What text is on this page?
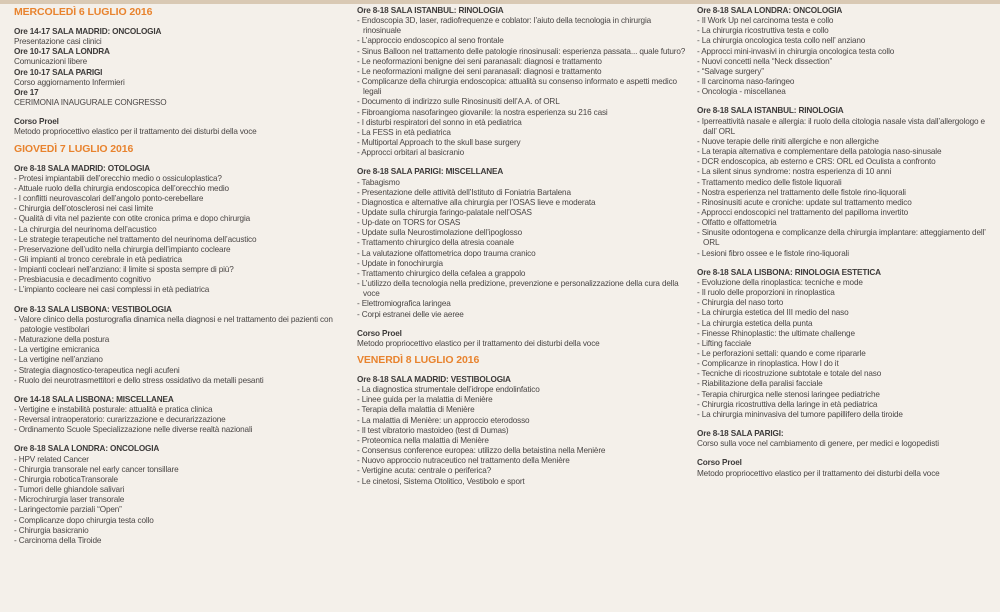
MERCOLEDÌ 6 LUGLIO 2016
Ore 14-17 SALA MADRID: ONCOLOGIA
Presentazione casi clinici
Ore 10-17 SALA LONDRA
Comunicazioni libere
Ore 10-17 SALA PARIGI
Corso aggiornamento Infermieri
Ore 17
CERIMONIA INAUGURALE CONGRESSO
Corso Proel
Metodo propriocettivo elastico per il trattamento dei disturbi della voce
GIOVEDÌ 7 LUGLIO 2016
Ore 8-18 SALA MADRID: OTOLOGIA
- Protesi impiantabili dell’orecchio medio o ossiculoplastica?
- Attuale ruolo della chirurgia endoscopica dell’orecchio medio
- I conflitti neurovascolari dell’angolo ponto-cerebellare
- Chirurgia dell’otosclerosi nei casi limite
- Qualità di vita nel paziente con otite cronica prima e dopo chirurgia
- La chirurgia del neurinoma dell’acustico
- Le strategie terapeutiche nel trattamento del neurinoma dell’acustico
- Preservazione dell’udito nella chirurgia dell’impianto cocleare
- Gli impianti al tronco cerebrale in età pediatrica
- Impianti cocleari nell’anziano: il limite si sposta sempre di più?
- Presbiacusia e decadimento cognitivo
- L’impianto cocleare nei casi complessi in età pediatrica
Ore 8-13 SALA LISBONA: VESTIBOLOGIA
- Valore clinico della posturografia dinamica nella diagnosi e nel trattamento dei pazienti con patologie vestibolari
- Maturazione della postura
- La vertigine emicranica
- La vertigine nell’anziano
- Strategia diagnostico-terapeutica negli acufeni
- Ruolo dei neurotrasmettitori e dello stress ossidativo da metalli pesanti
Ore 14-18 SALA LISBONA: MISCELLANEA
- Vertigine e instabilità posturale: attualità e pratica clinica
- Reversal intraoperatorio: curarizzazione e decurarizzazione
- Ordinamento Scuole Specializzazione nelle diverse realtà nazionali
Ore 8-18 SALA LONDRA: ONCOLOGIA
- HPV related Cancer
- Chirurgia transorale nel early cancer tonsillare
- Chirurgia roboticaTransorale
- Tumori delle ghiandole salivari
- Microchirurgia laser transorale
- Laringectomie parziali “Open”
- Complicanze dopo chirurgia testa collo
- Chirurgia basicranio
- Carcinoma della Tiroide
Ore 8-18 SALA ISTANBUL: RINOLOGIA
- Endoscopia 3D, laser, radiofrequenze e coblator: l’aiuto della tecnologia in chirurgia rinosinuale
- L’approccio endoscopico al seno frontale
- Sinus Balloon nel trattamento delle patologie rinosinusali: esperienza passata... quale futuro?
- Le neoformazioni benigne dei seni paranasali: diagnosi e trattamento
- Le neoformazioni maligne dei seni paranasali: diagnosi e trattamento
- Complicanze della chirurgia endoscopica: attualità su consenso informato e aspetti medico legali
- Documento di indirizzo sulle Rinosinusiti dell’A.A. of ORL
- Fibroangioma nasofaringeo giovanile: la nostra esperienza su 216 casi
- I disturbi respiratori del sonno in età pediatrica
- La FESS in età pediatrica
- Multiportal Approach to the skull base surgery
- Approcci orbitari al basicranio
Ore 8-18 SALA PARIGI: MISCELLANEA
- Tabagismo
- Presentazione delle attività dell’Istituto di Foniatria Bartalena
- Diagnostica e alternative alla chirurgia per l’OSAS lieve e moderata
- Update sulla chirurgia faringo-palatale nell’OSAS
- Up-date on TORS for OSAS
- Update sulla Neurostimolazione dell’ipoglosso
- Trattamento chirurgico della atresia coanale
- La valutazione olfattometrica dopo trauma cranico
- Update in fonochirurgia
- Trattamento chirurgico della cefalea a grappolo
- L’utilizzo della tecnologia nella predizione, prevenzione e personalizzazione della cura della voce
- Elettromiografica laringea
- Corpi estranei delle vie aeree
Corso Proel
Metodo propriocettivo elastico per il trattamento dei disturbi della voce
VENERDÌ 8 LUGLIO 2016
Ore 8-18 SALA MADRID: VESTIBOLOGIA
- La diagnostica strumentale dell’idrope endolinfatico
- Linee guida per la malattia di Menière
- Terapia della malattia di Menière
- La malattia di Menière: un approccio eterodosso
- Il test vibratorio mastoideo (test di Dumas)
- Proteomica nella malattia di Menière
- Consensus conference europea: utilizzo della betaistina nella Menière
- Nuovo approccio nutraceutico nel trattamento della Menière
- Vertigine acuta: centrale o periferica?
- Le cinetosi, Sistema Otolitico, Vestibolo e sport
Ore 8-18 SALA LONDRA: ONCOLOGIA
- Il Work Up nel carcinoma testa e collo
- La chirurgia ricostruttiva testa e collo
- La chirurgia oncologica testa collo nell’ anziano
- Approcci mini-invasivi in chirurgia oncologica testa collo
- Nuovi concetti nella “Neck dissection”
- “Salvage surgery”
- Il carcinoma naso-faringeo
- Oncologia - miscellanea
Ore 8-18 SALA ISTANBUL: RINOLOGIA
- Iperreattività nasale e allergia: il ruolo della citologia nasale vista dall’allergologo e dall’ ORL
- Nuove terapie delle riniti allergiche e non allergiche
- La terapia alternativa e complementare della patologia naso-sinusale
- DCR endoscopica, ab esterno e CRS: ORL ed Oculista a confronto
- La silent sinus syndrome: nostra esperienza di 10 anni
- Trattamento medico delle fistole liquorali
- Nostra esperienza nel trattamento delle fistole rino-liquorali
- Rinosinusiti acute e croniche: update sul trattamento medico
- Approcci endoscopici nel trattamento del papilloma invertito
- Olfatto e olfattometria
- Sinusite odontogena e complicanze della chirurgia implantare: atteggiamento dell’ ORL
- Lesioni fibro ossee e le fistole rino-liquorali
Ore 8-18 SALA LISBONA: RINOLOGIA ESTETICA
- Evoluzione della rinoplastica: tecniche e mode
- Il ruolo delle proporzioni in rinoplastica
- Chirurgia del naso torto
- La chirurgia estetica del III medio del naso
- La chirurgia estetica della punta
- Finesse Rhinoplastic: the ultimate challenge
- Lifting facciale
- Le perforazioni settali: quando e come ripararle
- Complicanze in rinoplastica. How I do it
- Tecniche di ricostruzione subtotale e totale del naso
- Riabilitazione della paralisi facciale
- Terapia chirurgica nelle stenosi laringee pediatriche
- Chirurgia ricostruttiva della laringe in età pediatrica
- La chirurgia mininvasiva del tumore papillifero della tiroide
Ore 8-18 SALA PARIGI:
Corso sulla voce nel cambiamento di genere, per medici e logopedisti
Corso Proel
Metodo propriocettivo elastico per il trattamento dei disturbi della voce
